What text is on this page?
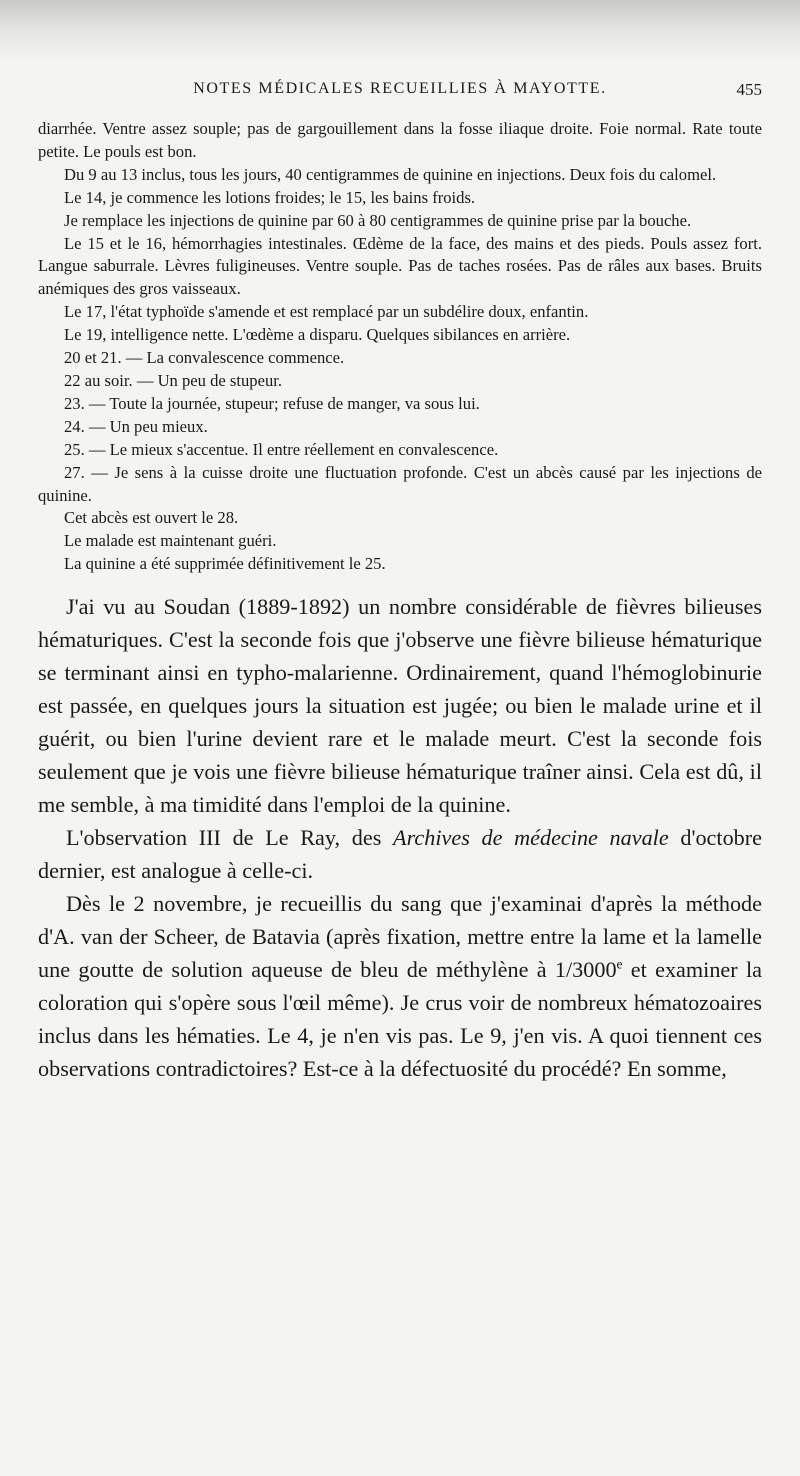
NOTES MÉDICALES RECUEILLIES À MAYOTTE.	455

diarrhée. Ventre assez souple; pas de gargouillement dans la fosse iliaque droite. Foie normal. Rate toute petite. Le pouls est bon.

Du 9 au 13 inclus, tous les jours, 40 centigrammes de quinine en injections. Deux fois du calomel.

Le 14, je commence les lotions froides; le 15, les bains froids.

Je remplace les injections de quinine par 60 à 80 centigrammes de quinine prise par la bouche.

Le 15 et le 16, hémorrhagies intestinales. Œdème de la face, des mains et des pieds. Pouls assez fort. Langue saburrale. Lèvres fuligineuses. Ventre souple. Pas de taches rosées. Pas de râles aux bases. Bruits anémiques des gros vaisseaux.

Le 17, l'état typhoïde s'amende et est remplacé par un subdélire doux, enfantin.

Le 19, intelligence nette. L'œdème a disparu. Quelques sibilances en arrière.

20 et 21. — La convalescence commence.

22 au soir. — Un peu de stupeur.

23. — Toute la journée, stupeur; refuse de manger, va sous lui.

24. — Un peu mieux.

25. — Le mieux s'accentue. Il entre réellement en convalescence.

27. — Je sens à la cuisse droite une fluctuation profonde. C'est un abcès causé par les injections de quinine.

Cet abcès est ouvert le 28.

Le malade est maintenant guéri.

La quinine a été supprimée définitivement le 25.

J'ai vu au Soudan (1889-1892) un nombre considérable de fièvres bilieuses hématuriques. C'est la seconde fois que j'observe une fièvre bilieuse hématurique se terminant ainsi en typho-malarienne. Ordinairement, quand l'hémoglobinurie est passée, en quelques jours la situation est jugée; ou bien le malade urine et il guérit, ou bien l'urine devient rare et le malade meurt. C'est la seconde fois seulement que je vois une fièvre bilieuse hématurique traîner ainsi. Cela est dû, il me semble, à ma timidité dans l'emploi de la quinine.

L'observation III de Le Ray, des Archives de médecine navale d'octobre dernier, est analogue à celle-ci.

Dès le 2 novembre, je recueillis du sang que j'examinai d'après la méthode d'A. van der Scheer, de Batavia (après fixation, mettre entre la lame et la lamelle une goutte de solution aqueuse de bleu de méthylène à 1/3000e et examiner la coloration qui s'opère sous l'œil même). Je crus voir de nombreux hématozoaires inclus dans les hématies. Le 4, je n'en vis pas. Le 9, j'en vis. A quoi tiennent ces observations contradictoires? Est-ce à la défectuosité du procédé? En somme,
